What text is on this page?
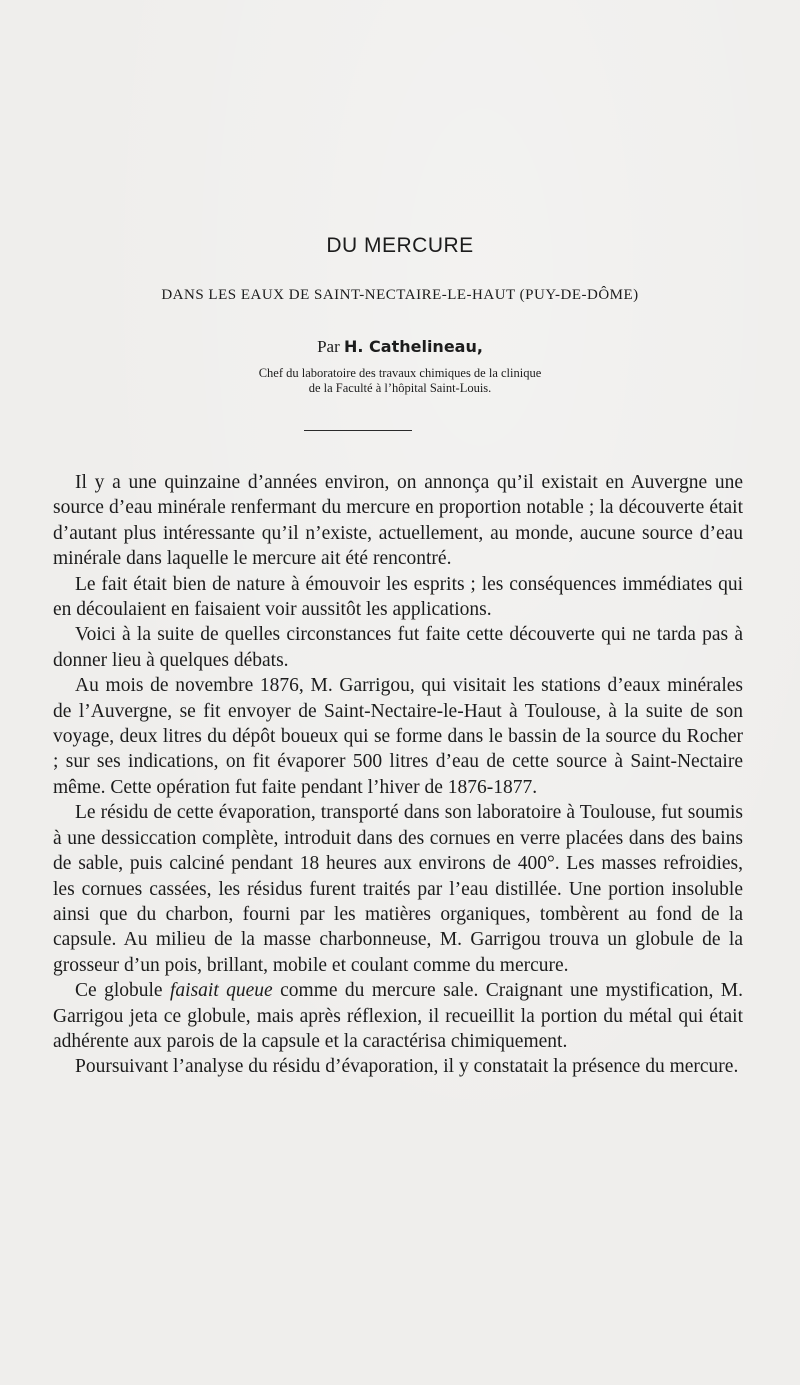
DU MERCURE
DANS LES EAUX DE SAINT-NECTAIRE-LE-HAUT (PUY-DE-DÔME)
Par H. Cathelineau,
Chef du laboratoire des travaux chimiques de la clinique
de la Faculté à l’hôpital Saint-Louis.

Il y a une quinzaine d’années environ, on annonça qu’il existait en Auvergne une source d’eau minérale renfermant du mercure en proportion notable ; la découverte était d’autant plus intéressante qu’il n’existe, actuellement, au monde, aucune source d’eau minérale dans laquelle le mercure ait été rencontré.

Le fait était bien de nature à émouvoir les esprits ; les conséquences immédiates qui en découlaient en faisaient voir aussitôt les applications.

Voici à la suite de quelles circonstances fut faite cette découverte qui ne tarda pas à donner lieu à quelques débats.

Au mois de novembre 1876, M. Garrigou, qui visitait les stations d’eaux minérales de l’Auvergne, se fit envoyer de Saint-Nectaire-le-Haut à Toulouse, à la suite de son voyage, deux litres du dépôt boueux qui se forme dans le bassin de la source du Rocher ; sur ses indications, on fit évaporer 500 litres d’eau de cette source à Saint-Nectaire même. Cette opération fut faite pendant l’hiver de 1876-1877.

Le résidu de cette évaporation, transporté dans son laboratoire à Toulouse, fut soumis à une dessiccation complète, introduit dans des cornues en verre placées dans des bains de sable, puis calciné pendant 18 heures aux environs de 400°. Les masses refroidies, les cornues cassées, les résidus furent traités par l’eau distillée. Une portion insoluble ainsi que du charbon, fourni par les matières organiques, tombèrent au fond de la capsule. Au milieu de la masse charbonneuse, M. Garrigou trouva un globule de la grosseur d’un pois, brillant, mobile et coulant comme du mercure.

Ce globule faisait queue comme du mercure sale. Craignant une mystification, M. Garrigou jeta ce globule, mais après réflexion, il recueillit la portion du métal qui était adhérente aux parois de la capsule et la caractérisa chimiquement.

Poursuivant l’analyse du résidu d’évaporation, il y constatait la présence du mercure.
